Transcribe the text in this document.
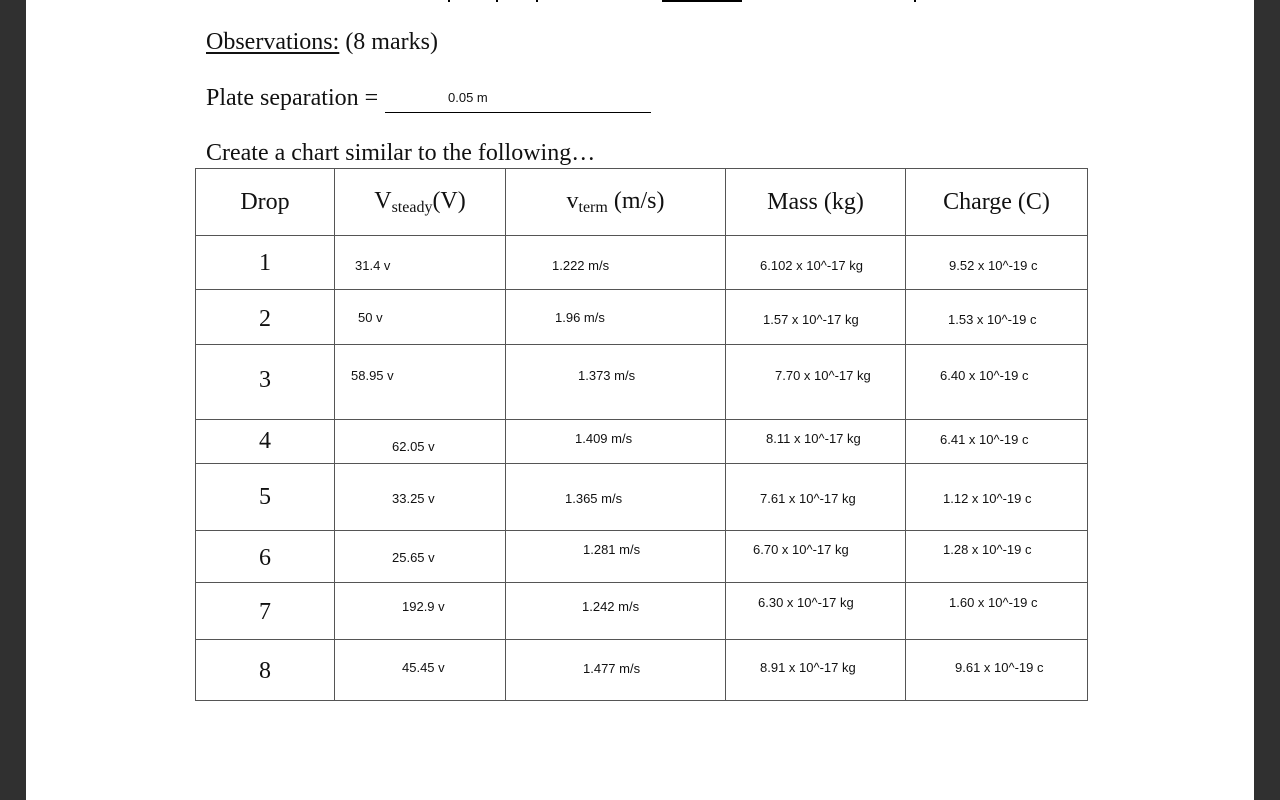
Observations: (8 marks)
Plate separation =	0.05 m
Create a chart similar to the following…
Drop	$V_{steady}(V)$	$v_{term}$ (m/s)	Mass (kg)	Charge (C)

1	31.4 v	1.222 m/s	6.102 x 10^-17 kg	9.52 x 10^-19 c

2	50 v	1.96 m/s	1.57 x 10^-17 kg	1.53 x 10^-19 c

3	58.95 v	1.373 m/s	7.70 x 10^-17 kg	6.40 x 10^-19 c

4	62.05 v	1.409 m/s	8.11 x 10^-17 kg	6.41 x 10^-19 c

5	33.25 v	1.365 m/s	7.61 x 10^-17 kg	1.12 x 10^-19 c

6	25.65 v	1.281 m/s	6.70 x 10^-17 kg	1.28 x 10^-19 c

7	192.9 v	1.242 m/s	6.30 x 10^-17 kg	1.60 x 10^-19 c

8	45.45 v	1.477 m/s	8.91 x 10^-17 kg	9.61 x 10^-19 c
